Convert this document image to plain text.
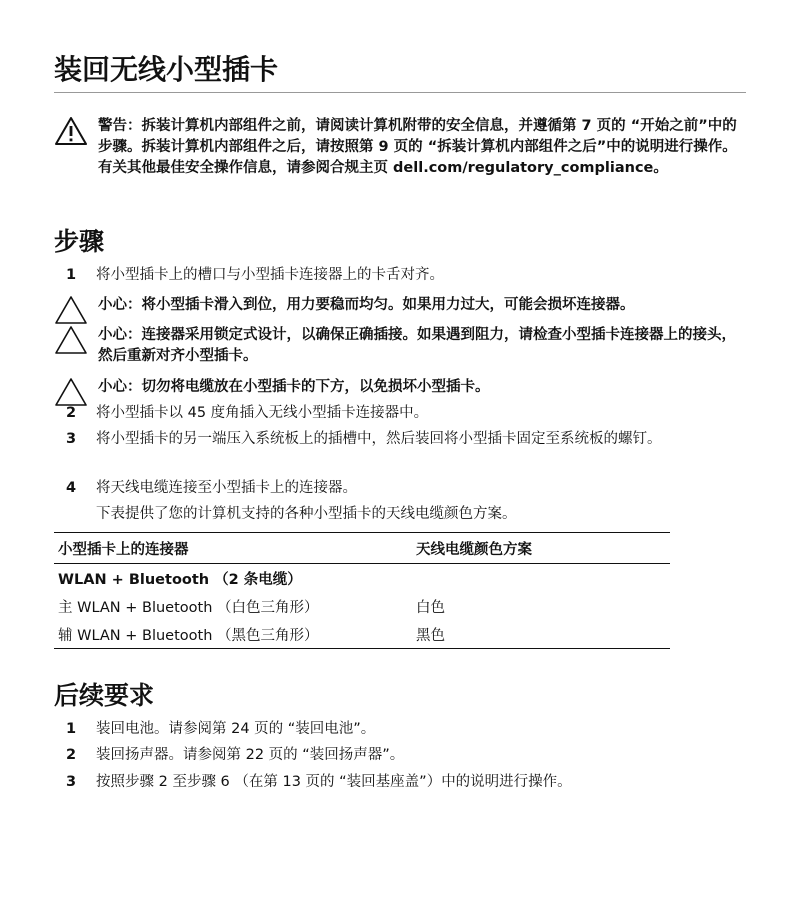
装回无线小型插卡
警告：拆装计算机内部组件之前，请阅读计算机附带的安全信息，并遵循第 7 页的 “开始之前”中的步骤。拆装计算机内部组件之后，请按照第 9 页的 “拆装计算机内部组件之后”中的说明进行操作。有关其他最佳安全操作信息，请参阅合规主页 dell.com/regulatory_compliance。
步骤
1 将小型插卡上的槽口与小型插卡连接器上的卡舌对齐。
小心：将小型插卡滑入到位，用力要稳而均匀。如果用力过大，可能会损坏连接器。
小心：连接器采用锁定式设计，以确保正确插接。如果遇到阻力，请检查小型插卡连接器上的接头，然后重新对齐小型插卡。
小心：切勿将电缆放在小型插卡的下方，以免损坏小型插卡。
2 将小型插卡以 45 度角插入无线小型插卡连接器中。
3 将小型插卡的另一端压入系统板上的插槽中，然后装回将小型插卡固定至系统板的螺钉。
4 将天线电缆连接至小型插卡上的连接器。
下表提供了您的计算机支持的各种小型插卡的天线电缆颜色方案。
小型插卡上的连接器	天线电缆颜色方案
WLAN + Bluetooth （2 条电缆）	
主 WLAN + Bluetooth （白色三角形）	白色
辅 WLAN + Bluetooth （黑色三角形）	黑色
后续要求
1 装回电池。请参阅第 24 页的 “装回电池”。
2 装回扬声器。请参阅第 22 页的 “装回扬声器”。
3 按照步骤 2 至步骤 6 （在第 13 页的 “装回基座盖”）中的说明进行操作。
